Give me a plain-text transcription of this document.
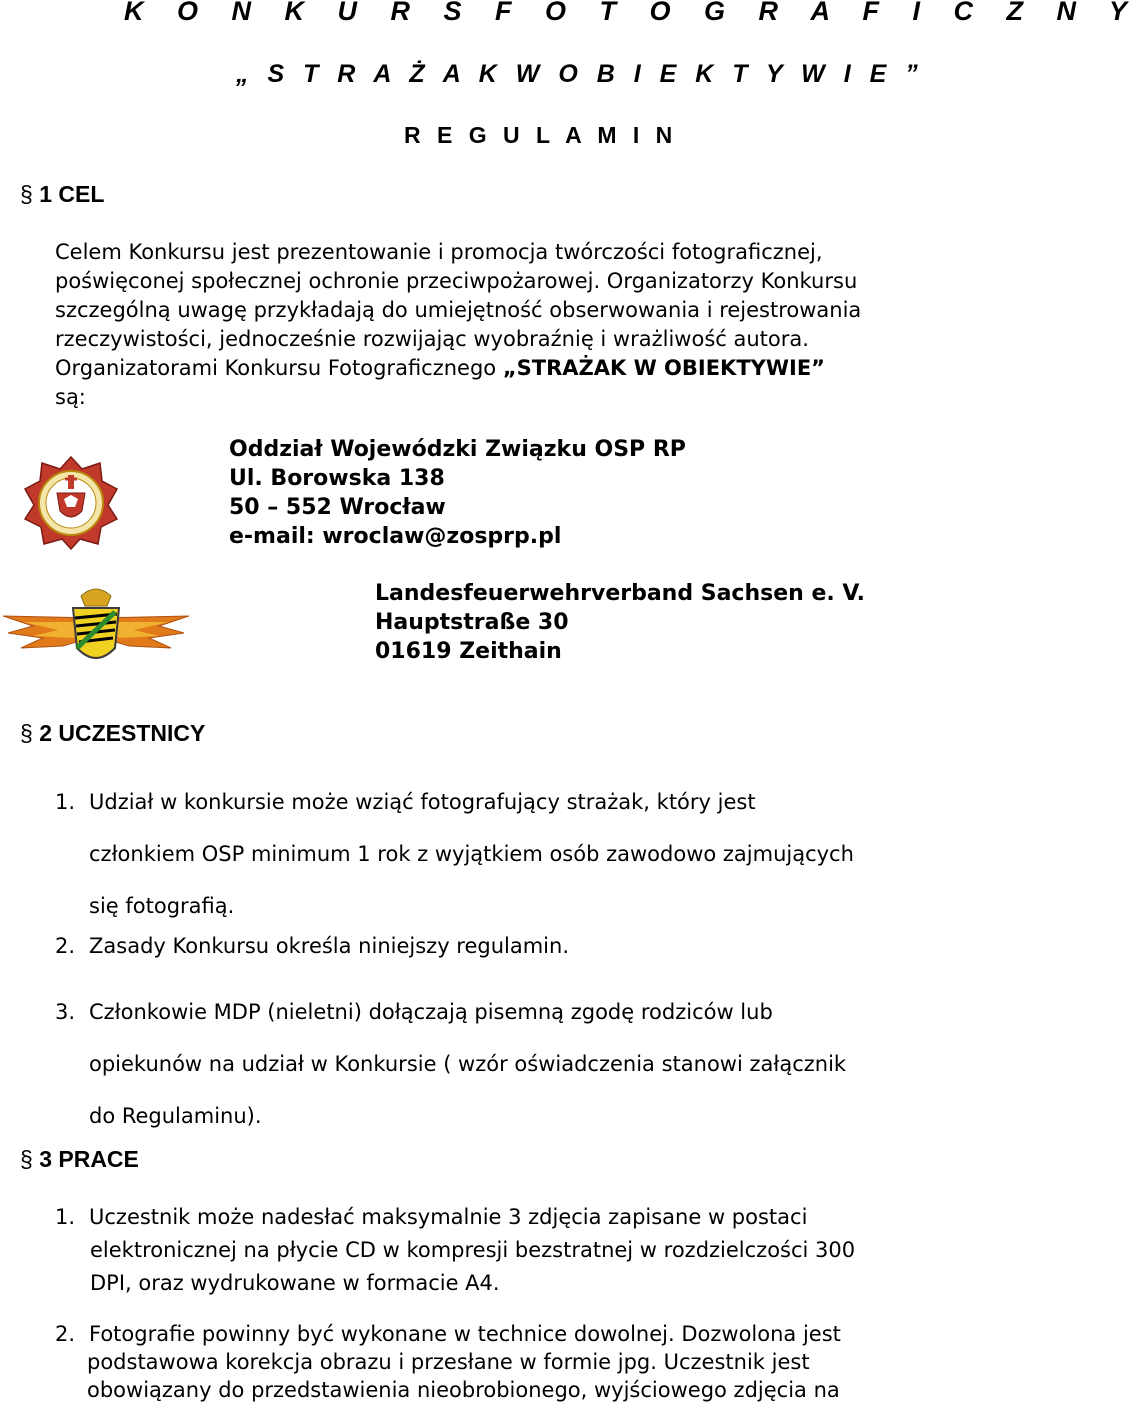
K O N K U R S F O T O G R A F I C Z N Y
„ S T R A Ż A K W O B I E K T Y W I E ”
R E G U L A M I N
§ 1 CEL
Celem Konkursu jest prezentowanie i promocja twórczości fotograficznej,
poświęconej społecznej ochronie przeciwpożarowej. Organizatorzy Konkursu
szczególną uwagę przykładają do umiejętność obserwowania i rejestrowania
rzeczywistości, jednocześnie rozwijając wyobraźnię i wrażliwość autora.
Organizatorami Konkursu Fotograficznego „STRAŻAK W OBIEKTYWIE”
są:
Oddział Wojewódzki Związku OSP RP
Ul. Borowska 138
50 – 552 Wrocław
e-mail: wroclaw@zosprp.pl
Landesfeuerwehrverband Sachsen e. V.
Hauptstraße 30
01619 Zeithain
§ 2 UCZESTNICY
1. Udział w konkursie może wziąć fotografujący strażak, który jest
członkiem OSP minimum 1 rok z wyjątkiem osób zawodowo zajmujących
się fotografią.
2. Zasady Konkursu określa niniejszy regulamin.
3. Członkowie MDP (nieletni) dołączają pisemną zgodę rodziców lub
opiekunów na udział w Konkursie ( wzór oświadczenia stanowi załącznik
do Regulaminu).
§ 3 PRACE
1. Uczestnik może nadesłać maksymalnie 3 zdjęcia zapisane w postaci
elektronicznej na płycie CD w kompresji bezstratnej w rozdzielczości 300
DPI, oraz wydrukowane w formacie A4.
2. Fotografie powinny być wykonane w technice dowolnej. Dozwolona jest
podstawowa korekcja obrazu i przesłane w formie jpg. Uczestnik jest
obowiązany do przedstawienia nieobrobionego, wyjściowego zdjęcia na
